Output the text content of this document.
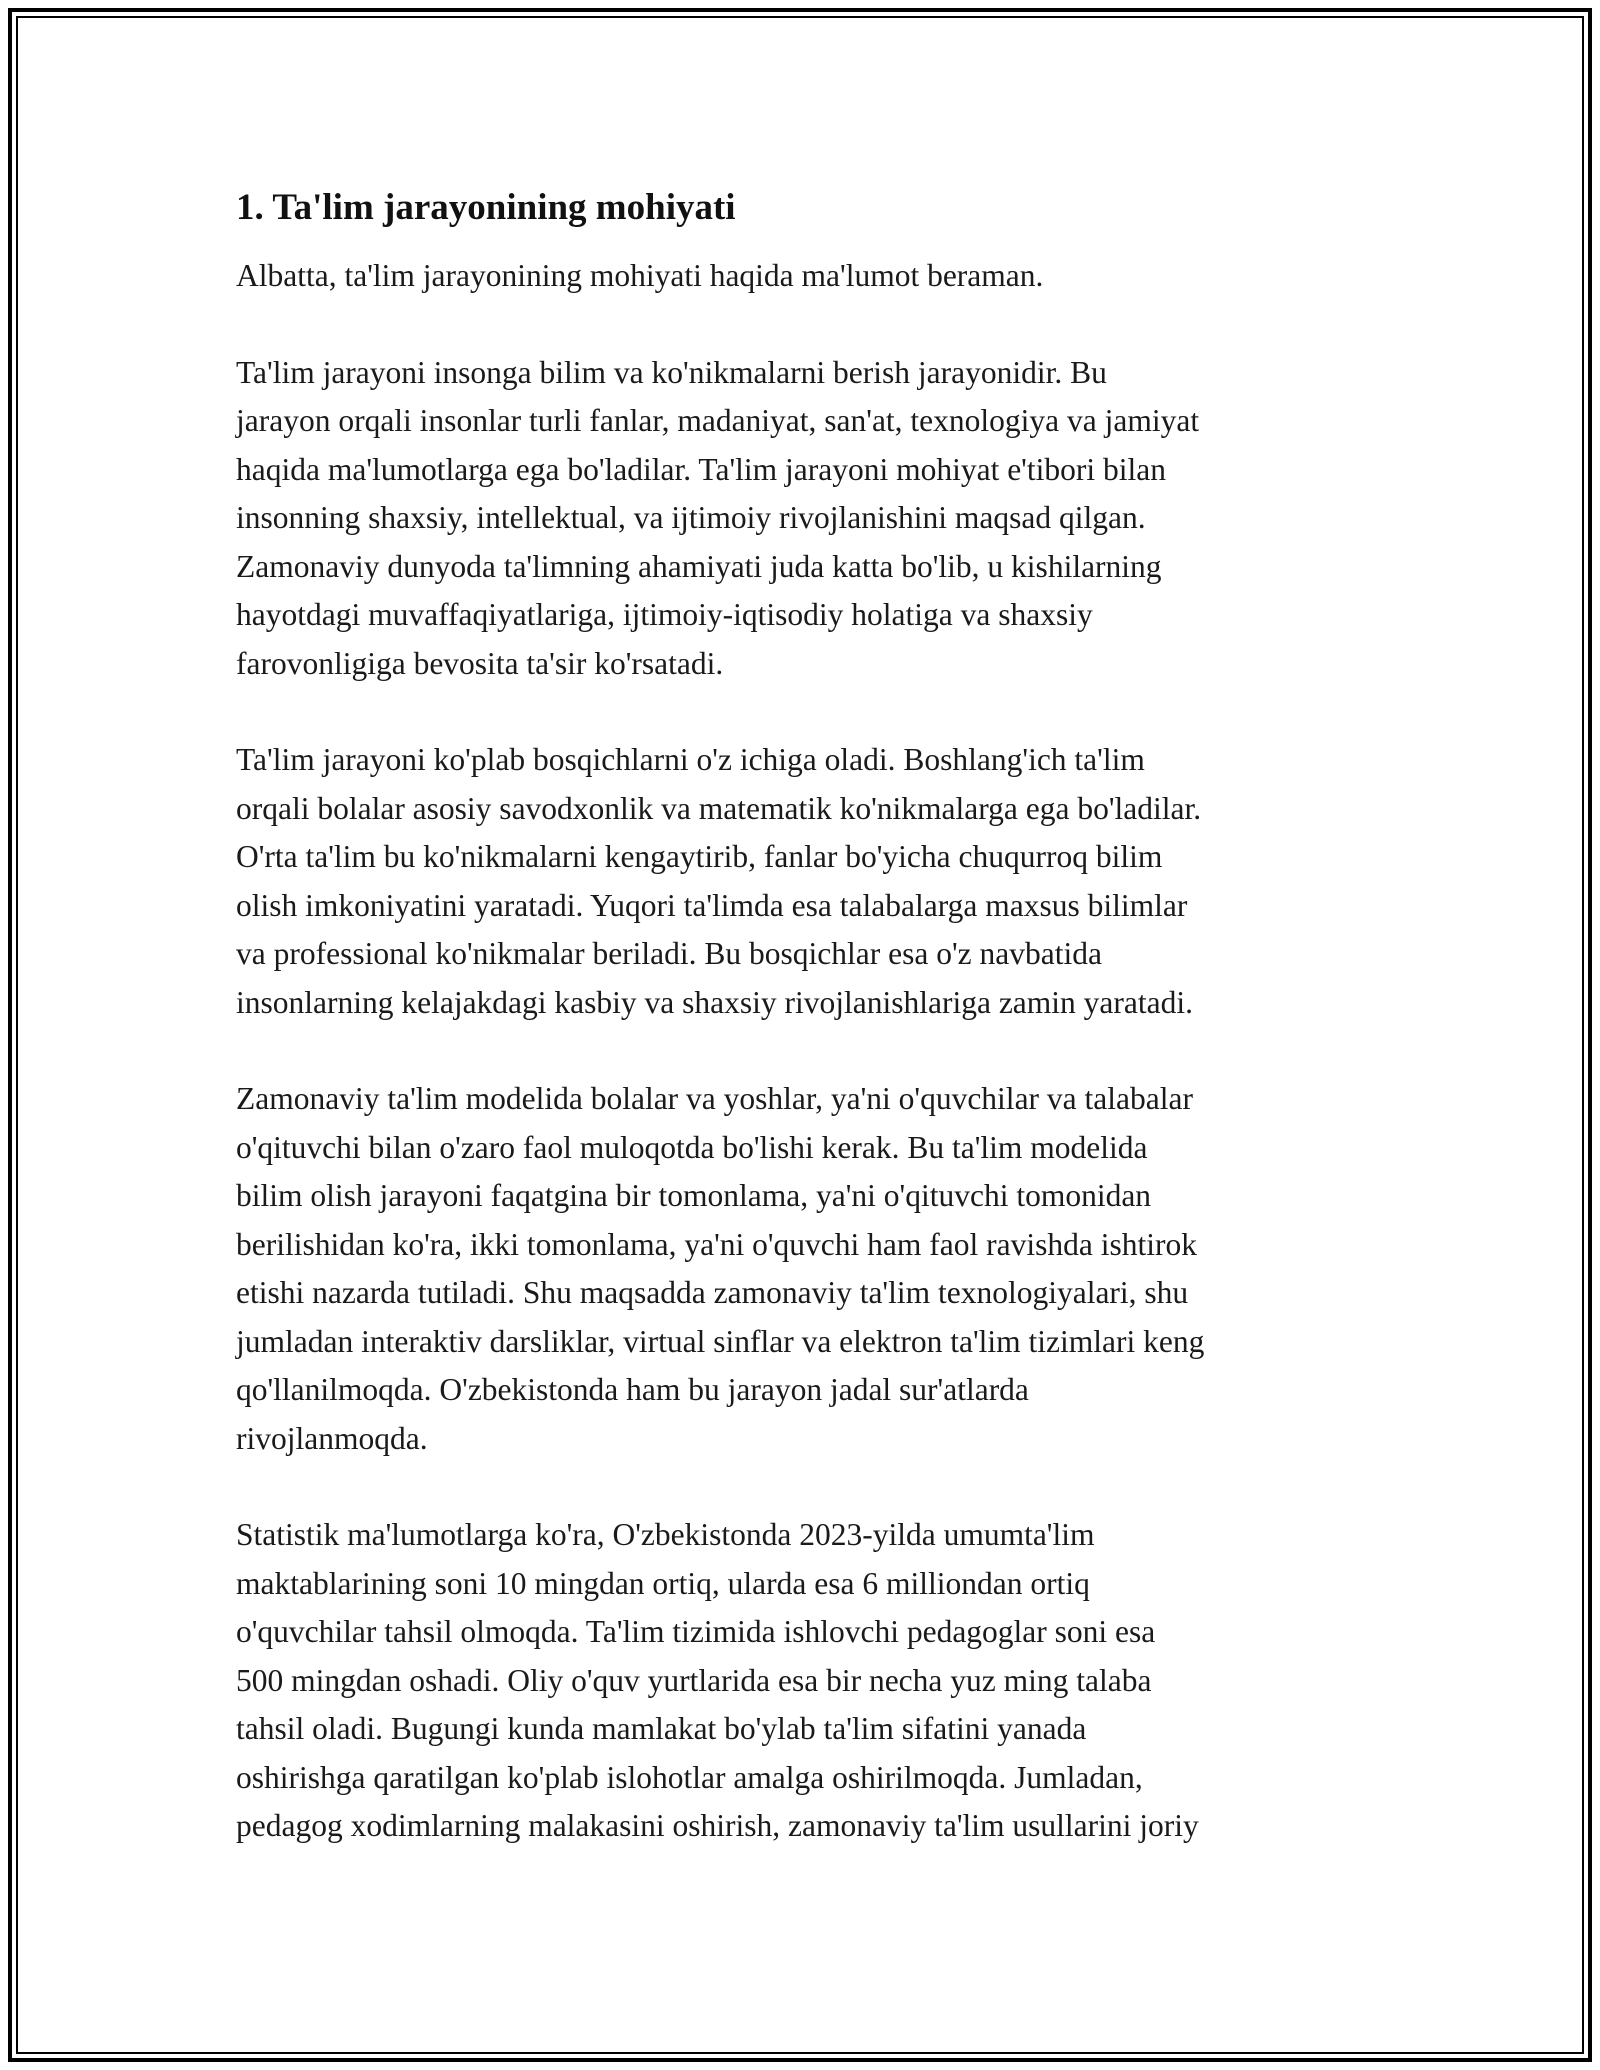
1. Ta'lim jarayonining mohiyati

Albatta, ta'lim jarayonining mohiyati haqida ma'lumot beraman.

Ta'lim jarayoni insonga bilim va ko'nikmalarni berish jarayonidir. Bu
jarayon orqali insonlar turli fanlar, madaniyat, san'at, texnologiya va jamiyat
haqida ma'lumotlarga ega bo'ladilar. Ta'lim jarayoni mohiyat e'tibori bilan
insonning shaxsiy, intellektual, va ijtimoiy rivojlanishini maqsad qilgan.
Zamonaviy dunyoda ta'limning ahamiyati juda katta bo'lib, u kishilarning
hayotdagi muvaffaqiyatlariga, ijtimoiy-iqtisodiy holatiga va shaxsiy
farovonligiga bevosita ta'sir ko'rsatadi.

Ta'lim jarayoni ko'plab bosqichlarni o'z ichiga oladi. Boshlang'ich ta'lim
orqali bolalar asosiy savodxonlik va matematik ko'nikmalarga ega bo'ladilar.
O'rta ta'lim bu ko'nikmalarni kengaytirib, fanlar bo'yicha chuqurroq bilim
olish imkoniyatini yaratadi. Yuqori ta'limda esa talabalarga maxsus bilimlar
va professional ko'nikmalar beriladi. Bu bosqichlar esa o'z navbatida
insonlarning kelajakdagi kasbiy va shaxsiy rivojlanishlariga zamin yaratadi.

Zamonaviy ta'lim modelida bolalar va yoshlar, ya'ni o'quvchilar va talabalar
o'qituvchi bilan o'zaro faol muloqotda bo'lishi kerak. Bu ta'lim modelida
bilim olish jarayoni faqatgina bir tomonlama, ya'ni o'qituvchi tomonidan
berilishidan ko'ra, ikki tomonlama, ya'ni o'quvchi ham faol ravishda ishtirok
etishi nazarda tutiladi. Shu maqsadda zamonaviy ta'lim texnologiyalari, shu
jumladan interaktiv darsliklar, virtual sinflar va elektron ta'lim tizimlari keng
qo'llanilmoqda. O'zbekistonda ham bu jarayon jadal sur'atlarda
rivojlanmoqda.

Statistik ma'lumotlarga ko'ra, O'zbekistonda 2023-yilda umumta'lim
maktablarining soni 10 mingdan ortiq, ularda esa 6 milliondan ortiq
o'quvchilar tahsil olmoqda. Ta'lim tizimida ishlovchi pedagoglar soni esa
500 mingdan oshadi. Oliy o'quv yurtlarida esa bir necha yuz ming talaba
tahsil oladi. Bugungi kunda mamlakat bo'ylab ta'lim sifatini yanada
oshirishga qaratilgan ko'plab islohotlar amalga oshirilmoqda. Jumladan,
pedagog xodimlarning malakasini oshirish, zamonaviy ta'lim usullarini joriy
